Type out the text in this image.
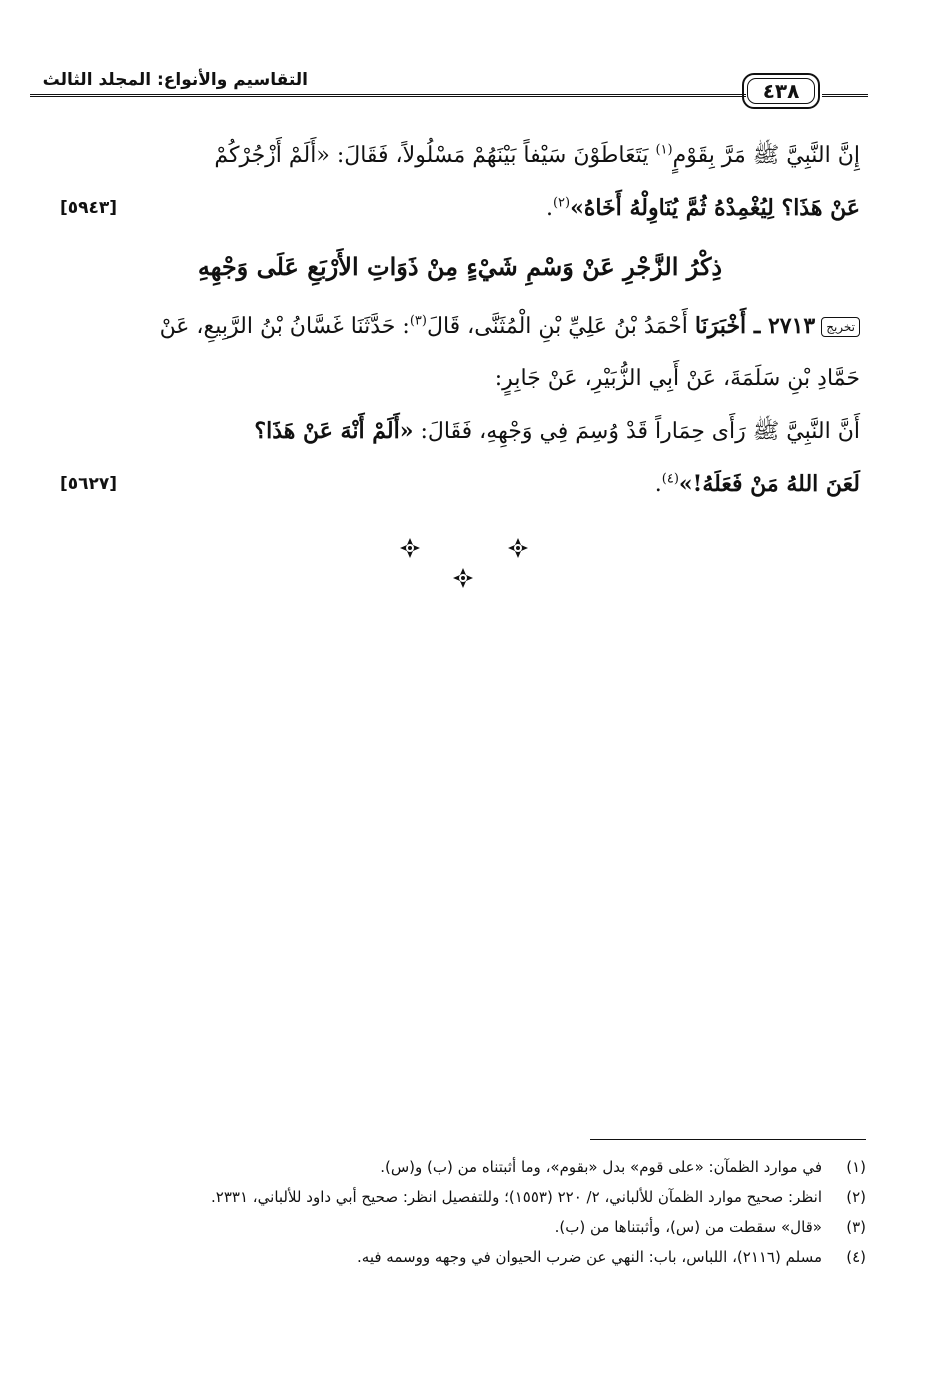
التقاسيم والأنواع: المجلد الثالث	٤٣٨
إِنَّ النَّبِيَّ ﷺ مَرَّ بِقَوْمٍ$^{(١)}$ يَتَعَاطَوْنَ سَيْفاً بَيْنَهُمْ مَسْلُولاً، فَقَالَ: «أَلَمْ أَزْجُرْكُمْ
عَنْ هَذَا؟ لِيُغْمِدْهُ ثُمَّ يُنَاوِلْهُ أَخَاهُ»$^{(٢)}$.
[٥٩٤٣]
ذِكْرُ الزَّجْرِ عَنْ وَسْمِ شَيْءٍ مِنْ ذَوَاتِ الأَرْبَعِ عَلَى وَجْهِهِ
تخريج٢٧١٣ ـ أَخْبَرَنَا أَحْمَدُ بْنُ عَلِيِّ بْنِ الْمُثَنَّى، قَالَ$^{(٣)}$: حَدَّثَنَا غَسَّانُ بْنُ الرَّبِيعِ، عَنْ
حَمَّادِ بْنِ سَلَمَةَ، عَنْ أَبِي الزُّبَيْرِ، عَنْ جَابِرٍ:
أَنَّ النَّبِيَّ ﷺ رَأَى حِمَاراً قَدْ وُسِمَ فِي وَجْهِهِ، فَقَالَ: «أَلَمْ أَنْهَ عَنْ هَذَا؟
لَعَنَ اللهُ مَنْ فَعَلَهُ!»$^{(٤)}$.
[٥٦٢٧]
(١)
في موارد الظمآن: «على قوم» بدل «بقوم»، وما أثبتناه من (ب) و(س).
(٢)
انظر: صحيح موارد الظمآن للألباني، ٢/ ٢٢٠ (١٥٥٣)؛ وللتفصيل انظر: صحيح أبي داود للألباني، ٢٣٣١.
(٣)
«قال» سقطت من (س)، وأثبتناها من (ب).
(٤)
مسلم (٢١١٦)، اللباس، باب: النهي عن ضرب الحيوان في وجهه ووسمه فيه.
